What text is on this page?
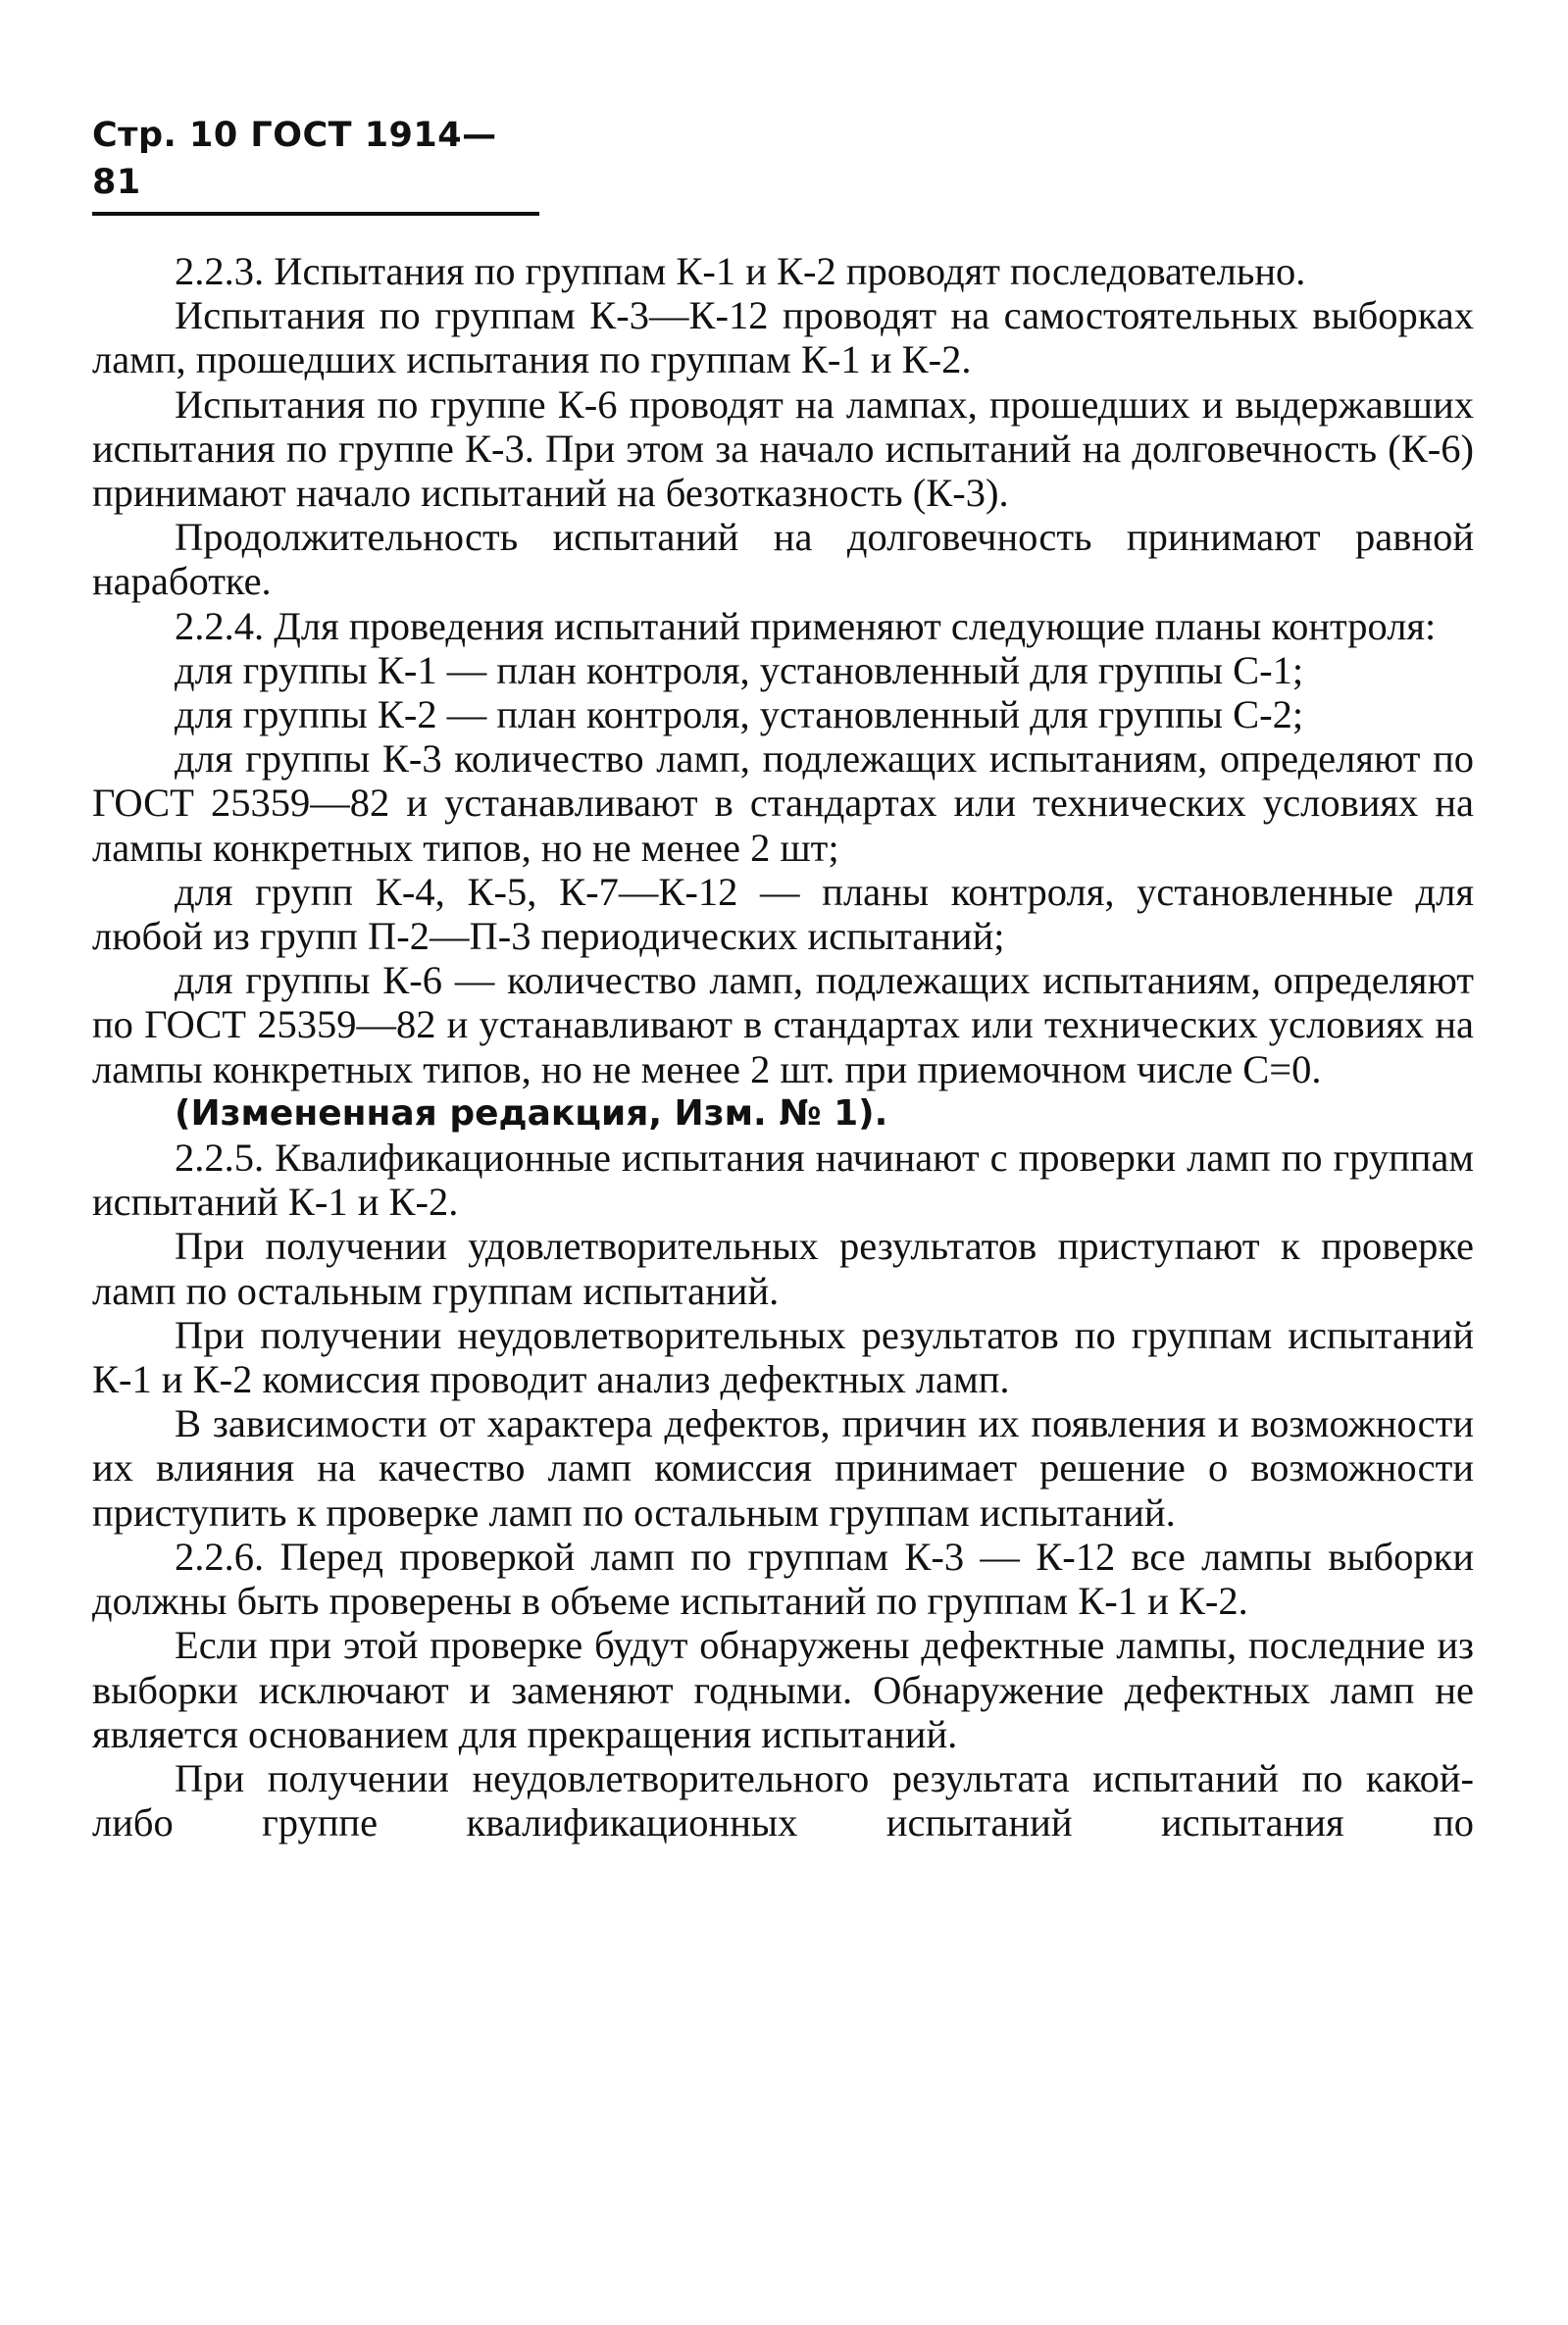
Стр. 10 ГОСТ 1914—81

2.2.3. Испытания по группам К-1 и К-2 проводят последовательно.

Испытания по группам К-3—К-12 проводят на самостоятельных выборках ламп, прошедших испытания по группам К-1 и К-2.

Испытания по группе К-6 проводят на лампах, прошедших и выдержавших испытания по группе К-3. При этом за начало испытаний на долговечность (К-6) принимают начало испытаний на безотказность (К-3).

Продолжительность испытаний на долговечность принимают равной наработке.

2.2.4. Для проведения испытаний применяют следующие планы контроля:

для группы К-1 — план контроля, установленный для группы С-1;

для группы К-2 — план контроля, установленный для группы С-2;

для группы К-3 количество ламп, подлежащих испытаниям, определяют по ГОСТ 25359—82 и устанавливают в стандартах или технических условиях на лампы конкретных типов, но не менее 2 шт;

для групп К-4, К-5, К-7—К-12 — планы контроля, установленные для любой из групп П-2—П-3 периодических испытаний;

для группы К-6 — количество ламп, подлежащих испытаниям, определяют по ГОСТ 25359—82 и устанавливают в стандартах или технических условиях на лампы конкретных типов, но не менее 2 шт. при приемочном числе C=0.

(Измененная редакция, Изм. № 1).

2.2.5. Квалификационные испытания начинают с проверки ламп по группам испытаний К-1 и К-2.

При получении удовлетворительных результатов приступают к проверке ламп по остальным группам испытаний.

При получении неудовлетворительных результатов по группам испытаний К-1 и К-2 комиссия проводит анализ дефектных ламп.

В зависимости от характера дефектов, причин их появления и возможности их влияния на качество ламп комиссия принимает решение о возможности приступить к проверке ламп по остальным группам испытаний.

2.2.6. Перед проверкой ламп по группам К-3 — К-12 все лампы выборки должны быть проверены в объеме испытаний по группам К-1 и К-2.

Если при этой проверке будут обнаружены дефектные лампы, последние из выборки исключают и заменяют годными. Обнаружение дефектных ламп не является основанием для прекращения испытаний.

При получении неудовлетворительного результата испытаний по какой-либо группе квалификационных испытаний испытания по
